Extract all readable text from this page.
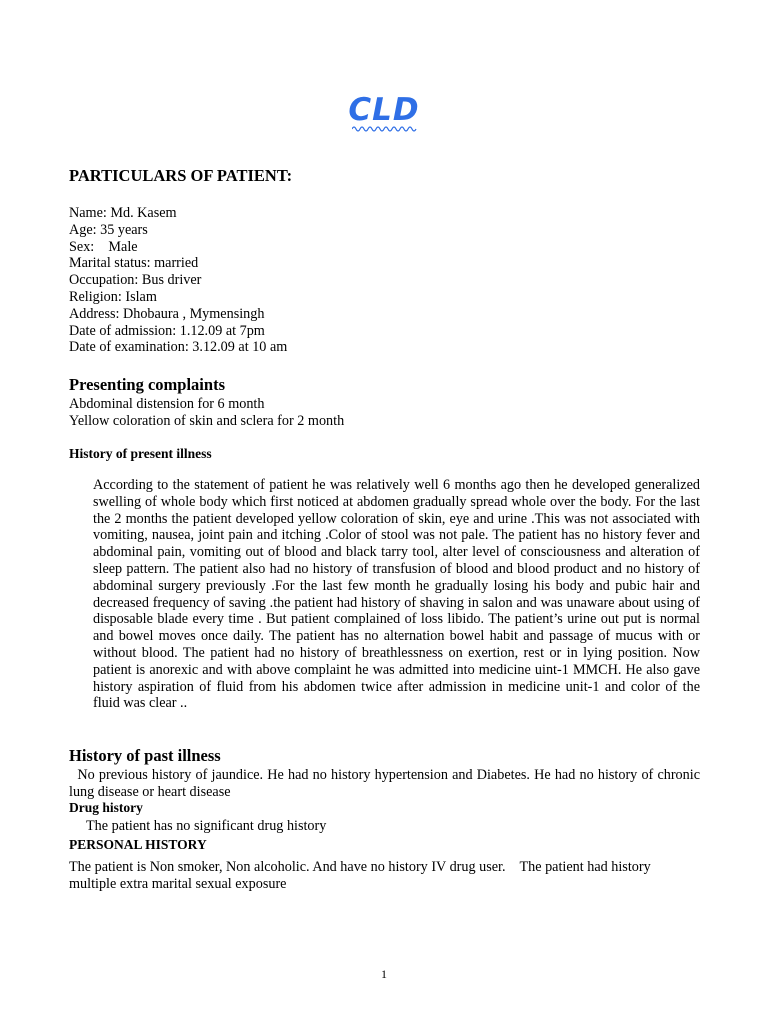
CLD
PARTICULARS OF PATIENT:
Name: Md. Kasem
Age: 35 years
Sex:    Male
Marital status: married
Occupation: Bus driver
Religion: Islam
Address: Dhobaura , Mymensingh
Date of admission: 1.12.09 at 7pm
Date of examination: 3.12.09 at 10 am
Presenting complaints
Abdominal distension for 6 month
Yellow coloration of skin and sclera for 2 month
History of present illness
According to the statement of patient he was relatively well 6 months ago then he developed generalized swelling of whole body which first noticed at abdomen gradually spread whole over the body. For the last the 2 months the patient developed yellow coloration of skin, eye and urine .This was not associated with vomiting, nausea, joint pain and itching .Color of stool was not pale. The patient has no history fever and abdominal pain, vomiting out of blood and black tarry tool, alter level of consciousness and alteration of sleep pattern. The patient also had no history of transfusion of blood and blood product and no history of abdominal surgery previously .For the last few month he gradually losing his body and pubic hair and decreased frequency of saving .the patient had history of shaving in salon and was unaware about using of disposable blade every time . But patient complained of loss libido. The patient’s urine out put is normal and bowel moves once daily. The patient has no alternation bowel habit and passage of mucus with or without blood. The patient had no history of breathlessness on exertion, rest or in lying position. Now patient is anorexic and with above complaint he was admitted into medicine uint-1 MMCH. He also gave history aspiration of fluid from his abdomen twice after admission in medicine unit-1 and color of the fluid was clear ..
History of past illness
No previous history of jaundice. He had no history hypertension and Diabetes. He had no history of chronic lung disease or heart disease
Drug history
The patient has no significant drug history
PERSONAL HISTORY
The patient is Non smoker, Non alcoholic. And have no history IV drug user.    The patient had history multiple extra marital sexual exposure
1
